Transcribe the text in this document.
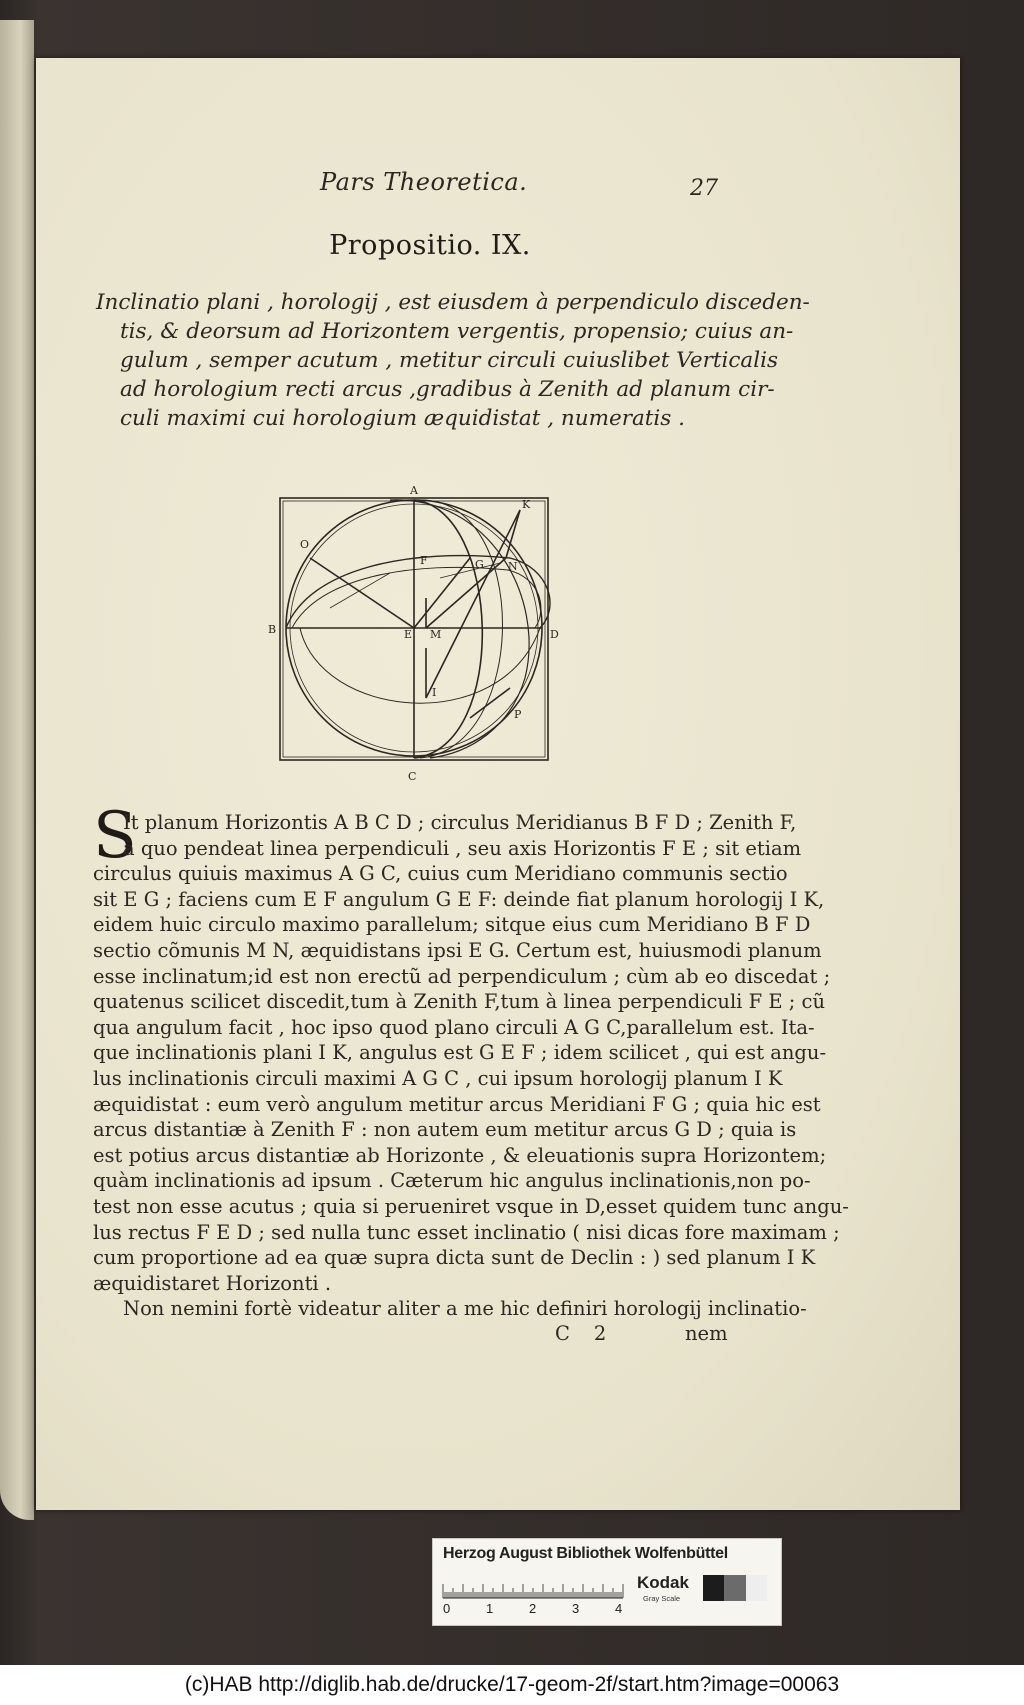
Pars Theoretica.	27
Propositio. IX.
Inclinatio plani , horologij , est eiusdem à perpendiculo disceden-
tis, & deorsum ad Horizontem vergentis, propensio; cuius an-
gulum , semper acutum , metitur circuli cuiuslibet Verticalis
ad horologium recti arcus ,gradibus à Zenith ad planum cir-
culi maximi cui horologium æquidistat , numeratis .
A
B
C
D
E
F	G
I
K
M
N
O
P
S
It planum Horizontis A B C D ; circulus Meridianus B F D ; Zenith F,
à quo pendeat linea perpendiculi , seu axis Horizontis F E ; sit etiam
circulus quiuis maximus A G C, cuius cum Meridiano communis sectio
sit E G ; faciens cum E F angulum G E F: deinde fiat planum horologij I K,
eidem huic circulo maximo parallelum; sitque eius cum Meridiano B F D
sectio cõmunis M N, æquidistans ipsi E G. Certum est, huiusmodi planum
esse inclinatum;id est non erectũ ad perpendiculum ; cùm ab eo discedat ;
quatenus scilicet discedit,tum à Zenith F,tum à linea perpendiculi F E ; cũ
qua angulum facit , hoc ipso quod plano circuli A G C,parallelum est. Ita-
que inclinationis plani I K, angulus est G E F ; idem scilicet , qui est angu-
lus inclinationis circuli maximi A G C , cui ipsum horologij planum I K
æquidistat : eum verò angulum metitur arcus Meridiani F G ; quia hic est
arcus distantiæ à Zenith F : non autem eum metitur arcus G D ; quia is
est potius arcus distantiæ ab Horizonte , & eleuationis supra Horizontem;
quàm inclinationis ad ipsum . Cæterum hic angulus inclinationis,non po-
test non esse acutus ; quia si perueniret vsque in D,esset quidem tunc angu-
lus rectus F E D ; sed nulla tunc esset inclinatio ( nisi dicas fore maximam ;
cum proportione ad ea quæ supra dicta sunt de Declin : ) sed planum I K
æquidistaret Horizonti .
Non nemini fortè videatur aliter a me hic definiri horologij inclinatio-
C 2	nem
Herzog August Bibliothek Wolfenbüttel
0	1	2	3	4
Kodak
Gray Scale
(c)HAB http://diglib.hab.de/drucke/17-geom-2f/start.htm?image=00063
